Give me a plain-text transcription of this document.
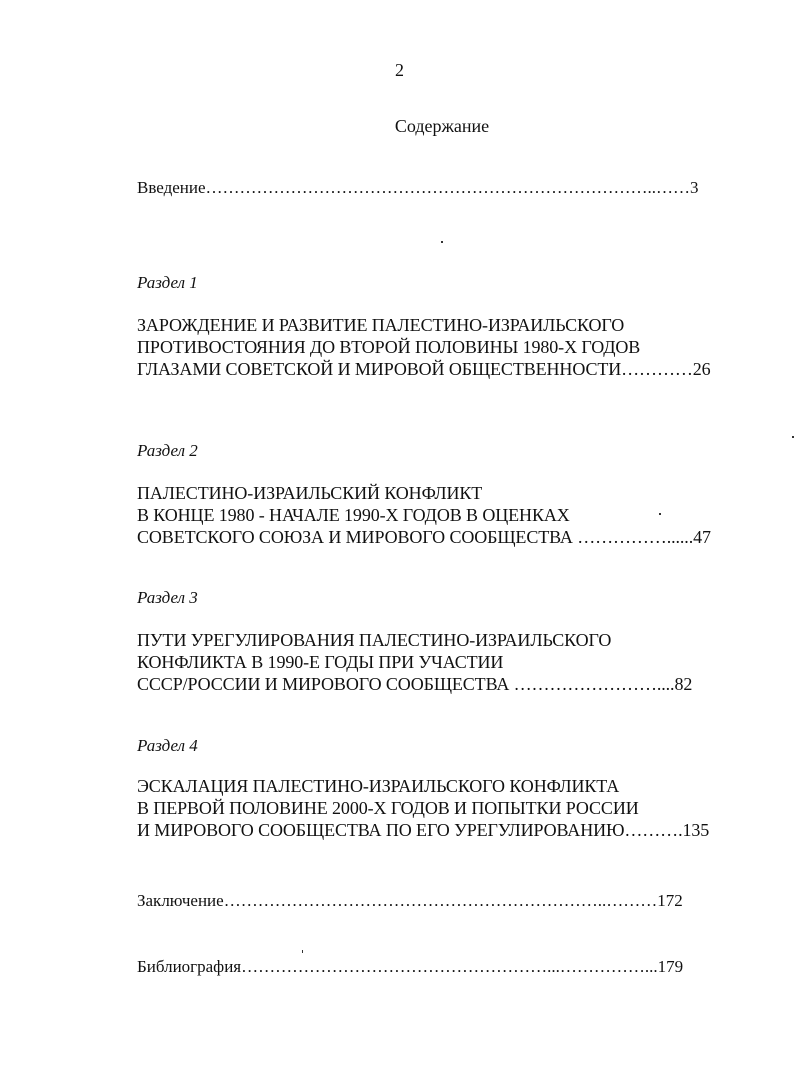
2
Содержание
Введение……………………………………………………………………..……3
Раздел 1
ЗАРОЖДЕНИЕ И РАЗВИТИЕ ПАЛЕСТИНО-ИЗРАИЛЬСКОГО
ПРОТИВОСТОЯНИЯ ДО ВТОРОЙ ПОЛОВИНЫ 1980-Х ГОДОВ
ГЛАЗАМИ СОВЕТСКОЙ И МИРОВОЙ ОБЩЕСТВЕННОСТИ…………26
Раздел 2
ПАЛЕСТИНО-ИЗРАИЛЬСКИЙ КОНФЛИКТ
В КОНЦЕ 1980 - НАЧАЛЕ 1990-Х ГОДОВ В ОЦЕНКАХ
СОВЕТСКОГО СОЮЗА И МИРОВОГО СООБЩЕСТВА ……………......47
Раздел 3
ПУТИ УРЕГУЛИРОВАНИЯ ПАЛЕСТИНО-ИЗРАИЛЬСКОГО
КОНФЛИКТА В 1990-Е ГОДЫ ПРИ УЧАСТИИ
СССР/РОССИИ И МИРОВОГО СООБЩЕСТВА ……………………....82
Раздел 4
ЭСКАЛАЦИЯ ПАЛЕСТИНО-ИЗРАИЛЬСКОГО КОНФЛИКТА
В ПЕРВОЙ ПОЛОВИНЕ 2000-Х ГОДОВ И ПОПЫТКИ РОССИИ
И МИРОВОГО СООБЩЕСТВА ПО ЕГО УРЕГУЛИРОВАНИЮ……….135
Заключение…………………………………………………………..………172
Библиография………………………………………………...……………...179
